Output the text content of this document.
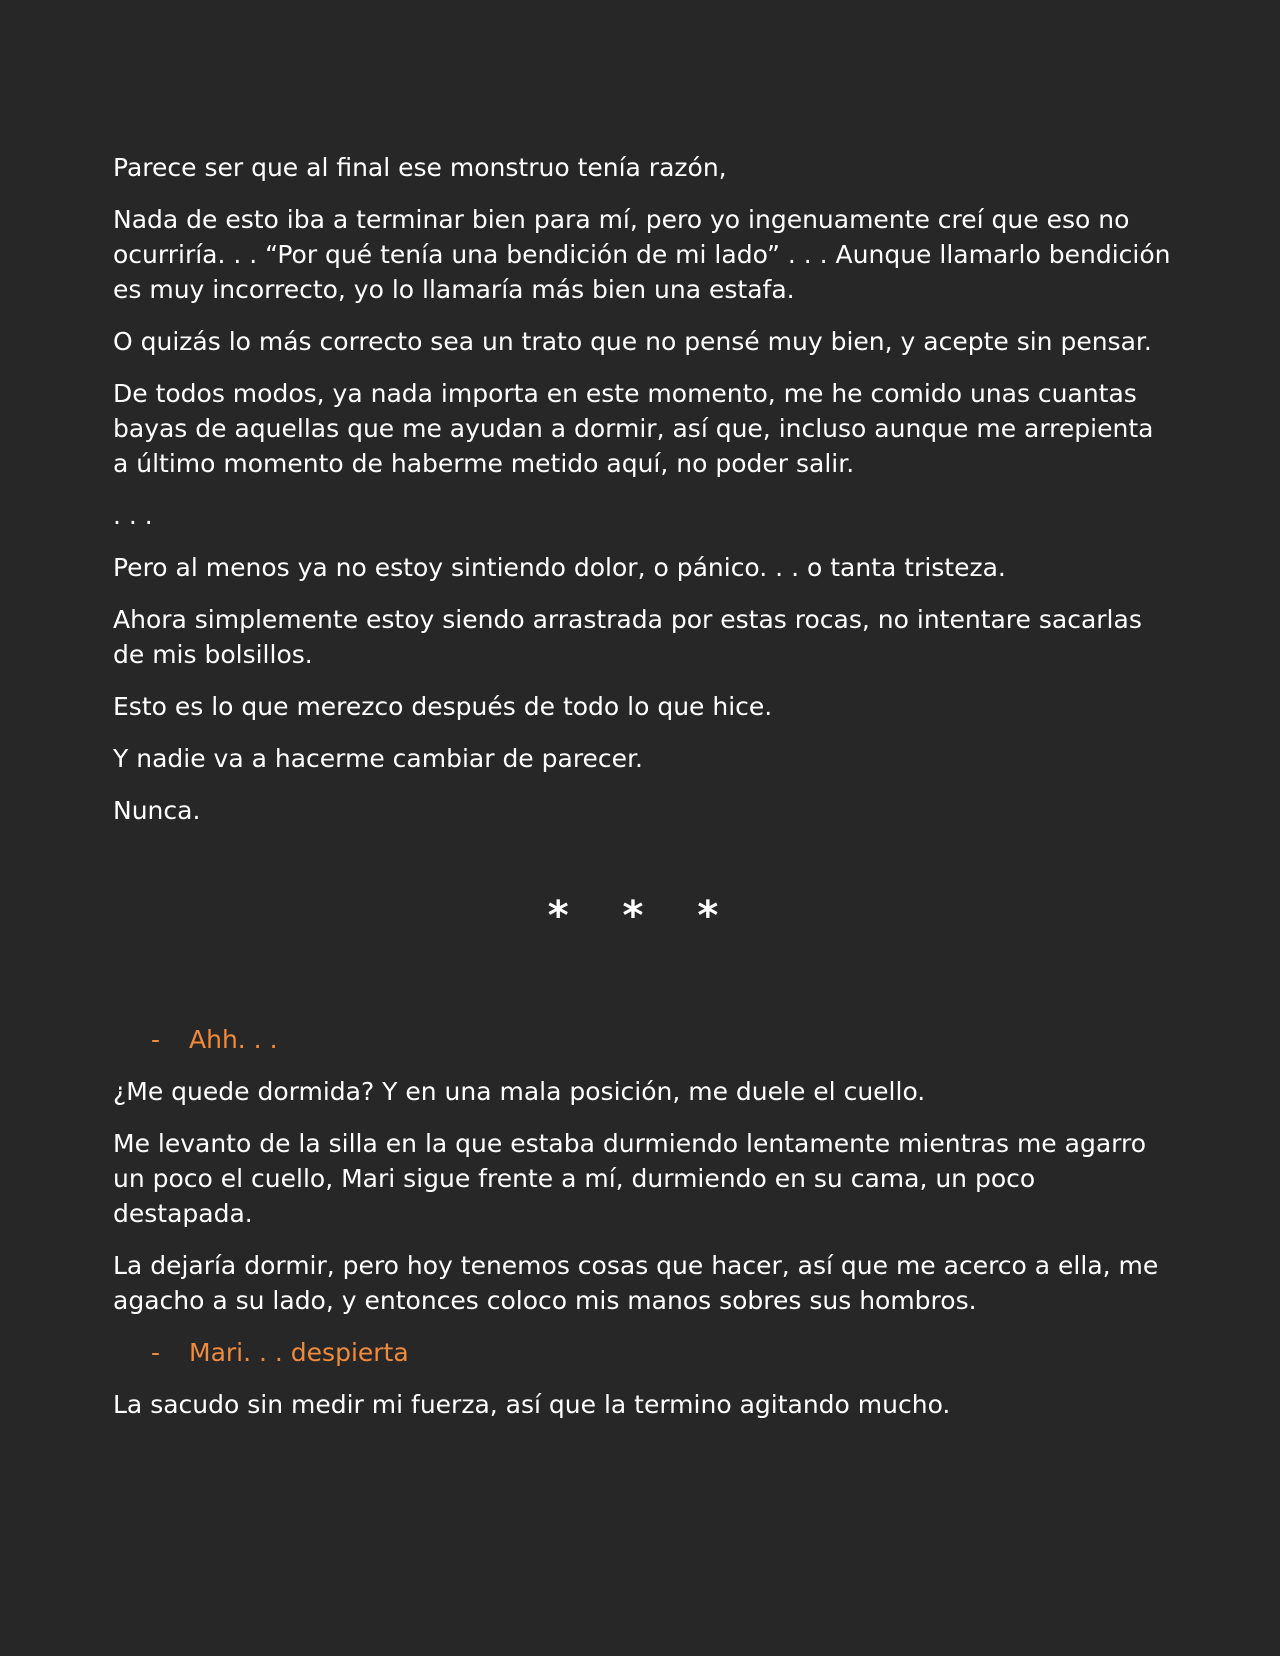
Parece ser que al final ese monstruo tenía razón,

Nada de esto iba a terminar bien para mí, pero yo ingenuamente creí que eso no ocurriría. . . “Por qué tenía una bendición de mi lado” . . . Aunque llamarlo bendición es muy incorrecto, yo lo llamaría más bien una estafa.

O quizás lo más correcto sea un trato que no pensé muy bien, y acepte sin pensar.

De todos modos, ya nada importa en este momento, me he comido unas cuantas bayas de aquellas que me ayudan a dormir, así que, incluso aunque me arrepienta a último momento de haberme metido aquí, no poder salir.

. . .

Pero al menos ya no estoy sintiendo dolor, o pánico. . . o tanta tristeza.

Ahora simplemente estoy siendo arrastrada por estas rocas, no intentare sacarlas de mis bolsillos.

Esto es lo que merezco después de todo lo que hice.

Y nadie va a hacerme cambiar de parecer.

Nunca.

* * *

- Ahh. . .

¿Me quede dormida? Y en una mala posición, me duele el cuello.

Me levanto de la silla en la que estaba durmiendo lentamente mientras me agarro un poco el cuello, Mari sigue frente a mí, durmiendo en su cama, un poco destapada.

La dejaría dormir, pero hoy tenemos cosas que hacer, así que me acerco a ella, me agacho a su lado, y entonces coloco mis manos sobres sus hombros.

- Mari. . . despierta

La sacudo sin medir mi fuerza, así que la termino agitando mucho.
